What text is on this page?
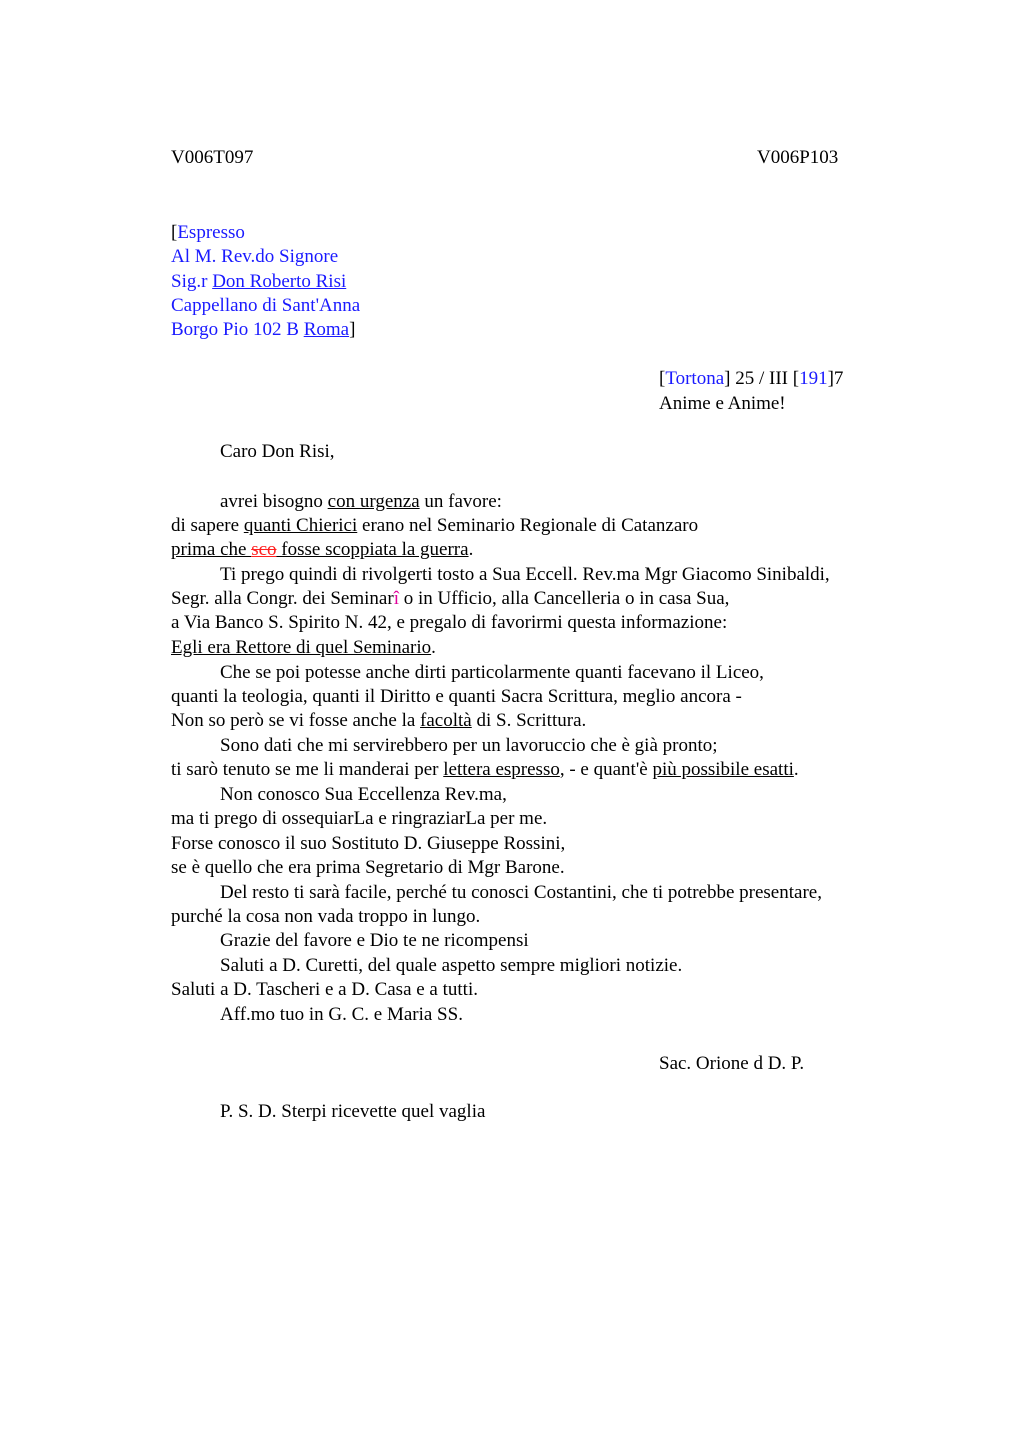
V006T097	V006P103
[Espresso
Al M. Rev.do Signore
Sig.r Don Roberto Risi
Cappellano di Sant'Anna
Borgo Pio 102 B Roma]
[Tortona] 25 / III [191]7
Anime e Anime!
Caro Don Risi,
avrei bisogno con urgenza un favore:
di sapere quanti Chierici erano nel Seminario Regionale di Catanzaro
prima che sco fosse scoppiata la guerra.
Ti prego quindi di rivolgerti tosto a Sua Eccell. Rev.ma Mgr Giacomo Sinibaldi,
Segr. alla Congr. dei Seminarî o in Ufficio, alla Cancelleria o in casa Sua,
a Via Banco S. Spirito N. 42, e pregalo di favorirmi questa informazione:
Egli era Rettore di quel Seminario.
Che se poi potesse anche dirti particolarmente quanti facevano il Liceo,
quanti la teologia, quanti il Diritto e quanti Sacra Scrittura, meglio ancora -
Non so però se vi fosse anche la facoltà di S. Scrittura.
Sono dati che mi servirebbero per un lavoruccio che è già pronto;
ti sarò tenuto se me li manderai per lettera espresso, - e quant'è più possibile esatti.
Non conosco Sua Eccellenza Rev.ma,
ma ti prego di ossequiarLa e ringraziarLa per me.
Forse conosco il suo Sostituto D. Giuseppe Rossini,
se è quello che era prima Segretario di Mgr Barone.
Del resto ti sarà facile, perché tu conosci Costantini, che ti potrebbe presentare,
purché la cosa non vada troppo in lungo.
Grazie del favore e Dio te ne ricompensi
Saluti a D. Curetti, del quale aspetto sempre migliori notizie.
Saluti a D. Tascheri e a D. Casa e a tutti.
Aff.mo tuo in G. C. e Maria SS.
Sac. Orione d D. P.
P. S. D. Sterpi ricevette quel vaglia
